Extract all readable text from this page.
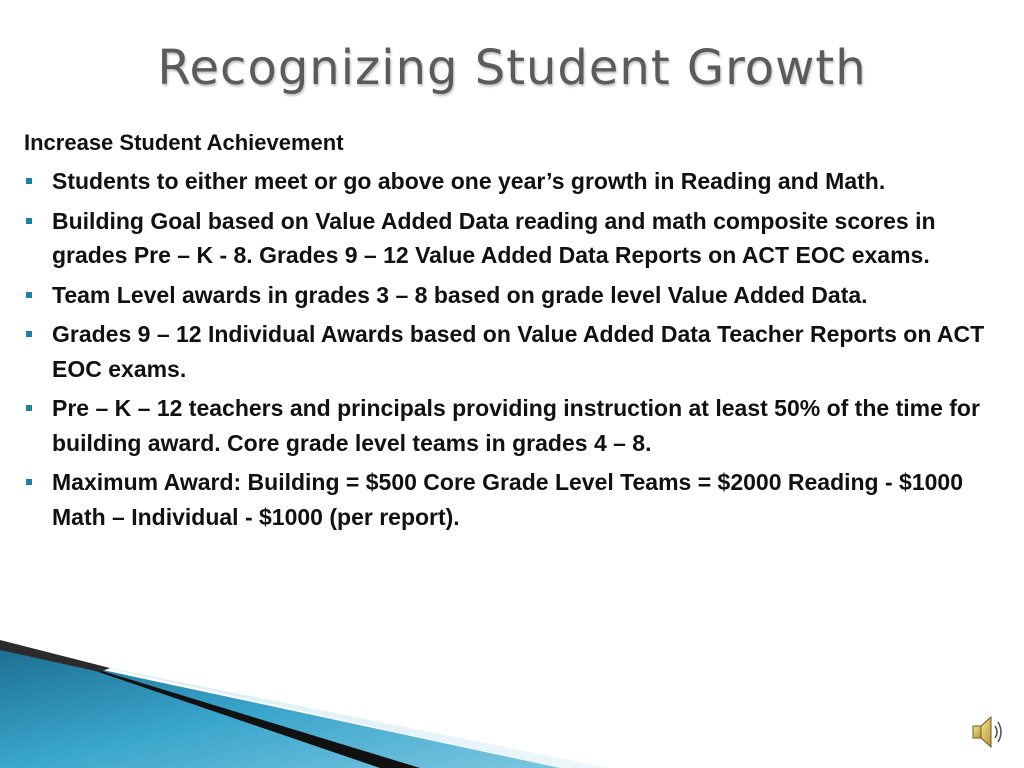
Recognizing Student Growth
Increase Student Achievement
Students to either meet or go above one year’s growth in Reading and Math.
Building Goal based on Value Added Data reading and math composite scores in grades Pre – K - 8. Grades 9 – 12 Value Added Data Reports on ACT EOC exams.
Team Level awards in grades 3 – 8 based on grade level Value Added Data.
Grades 9 – 12 Individual Awards based on Value Added Data Teacher Reports on ACT EOC exams.
Pre – K – 12 teachers and principals providing instruction at least 50% of the time for building award. Core grade level teams in grades 4 – 8.
Maximum Award: Building = $500 Core Grade Level Teams = $2000 Reading - $1000 Math – Individual - $1000 (per report).
